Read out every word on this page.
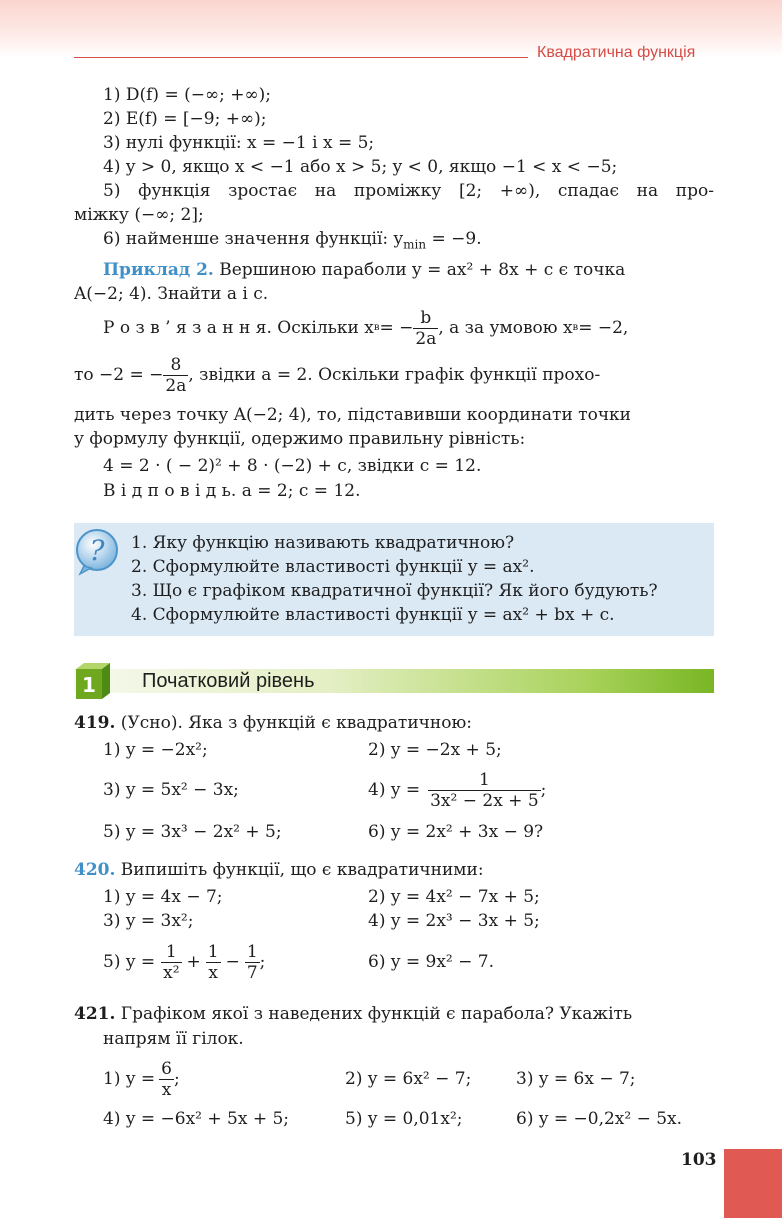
Квадратична функція
1) D(f) = (−∞; +∞);
2) E(f) = [−9; +∞);
3) нулі функції: x = −1 і x = 5;
4) y > 0, якщо x < −1 або x > 5; y < 0, якщо −1 < x < −5;
5) функція зростає на проміжку [2; +∞), спадає на про-
міжку (−∞; 2];
6) найменше значення функції: $y_{min} = -9$.
Приклад 2. Вершиною параболи y = ax² + 8x + c є точка
A(−2; 4). Знайти a і c.
Р о з в ’ я з а н н я.
Оскільки x в = − $\frac{b}{2a}$ , а за умовою x в = −2,
то −2 = − $\frac{8}{2a}$ , звідки a = 2. Оскільки графік функції прохо-
дить через точку A(−2; 4), то, підставивши координати точки
у формулу функції, одержимо правильну рівність:
4 = 2 · ( − 2)² + 8 · (−2) + c, звідки c = 12.
В і д п о в і д ь. a = 2; c = 12.
? 1. Яку функцію називають квадратичною?
2. Сформулюйте властивості функції y = ax².
3. Що є графіком квадратичної функції? Як його будують?
4. Сформулюйте властивості функції y = ax² + bx + c.
1 Початковий рівень
419. (Усно). Яка з функцій є квадратичною:
1) y = −2x²;	2) y = −2x + 5;
3) y = 5x² − 3x;	4) $y = \frac{1}{\text{3x² − 2x + 5}}$ ;
5) y = 3x³ − 2x² + 5;	6) y = 2x² + 3x − 9?
420. Випишіть функції, що є квадратичними:
1) y = 4x − 7;	2) y = 4x² − 7x + 5;
3) y = 3x²;	4) y = 2x³ − 3x + 5;
5) $y = \frac{1}{\text{x²}} + \frac{1}{x} - \frac{1}{7}$ ;	6) y = 9x² − 7.
421. Графіком якої з наведених функцій є парабола? Укажіть
напрям її гілок.
1) $y = \frac{6}{x}$ ;	2) y = 6x² − 7;	3) y = 6x − 7;
4) y = −6x² + 5x + 5;	5) y = 0,01x²;	6) y = −0,2x² − 5x.
103
